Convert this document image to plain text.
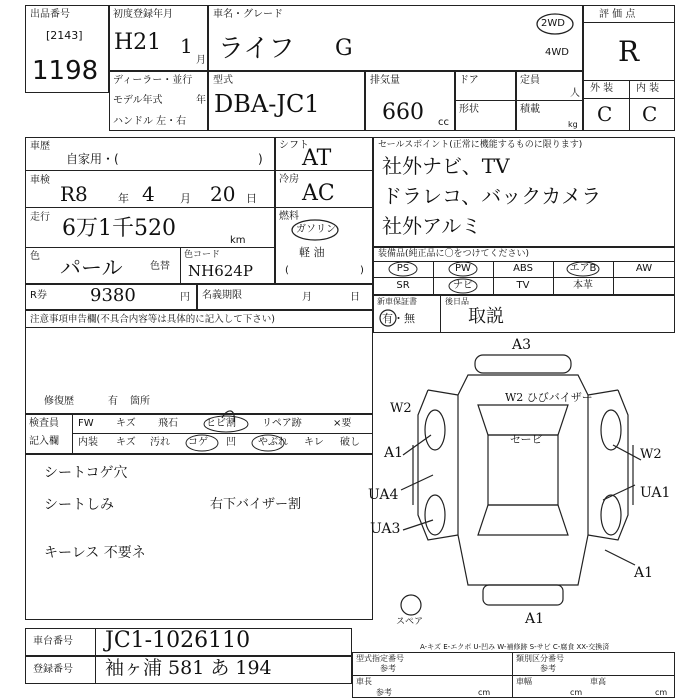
出品番号
[2143]
1198
初度登録年月
H21 1
月
ディーラー・並行
モデル年式	年
ハンドル 左・右
車名・グレード
ライフ G
2WD
4WD
型式
DBA-JC1
排気量
660 cc
ドア
形状
定員
人
積載
kg
評 価 点
R
外 装 内 装
C C
車歴
自家用・(	)
車検
R8	年 4 月 20 日
走行 6万1千520	km
色 パール	色替
色コード
NH624P
シフト
AT
冷房
AC
燃料
ガソリン
軽 油
(	)
セールスポイント(正常に機能するものに限ります)
社外ナビ、TV
ドラレコ、バックカメラ
社外アルミ
装備品(純正品に〇をつけてください)
PS	PW	ABS	エアB	AW
SR	ナビ	TV	本革
R券 9380	円 名義期限	月	日
注意事項申告欄(不具合内容等は具体的に記入して下さい)
修復歴	有 箇所
検査員
記入欄
FW キズ 飛石	ヒビ割	リペア跡	×要
内装 キズ 汚れ コゲ 凹 やぶれ キレ 破し
シートコゲ穴
シートしみ	右下バイザー割
キーレス 不要ネ
新車保証書
有・無
後日品
取説
A3
W2
W2 ひびバイザー
セービ
W2
A1
UA4	UA1
UA3
A1
A1
スペア
車台番号 JC1-1026110
登録番号 袖ヶ浦 581 あ 194
A-キズ E-エクボ U-凹み W-補修跡 S-サビ C-腐食 XX-交換済
型式指定番号
参考
類別区分番号
参考
車長
参考	cm
車幅
cm
車高
cm
